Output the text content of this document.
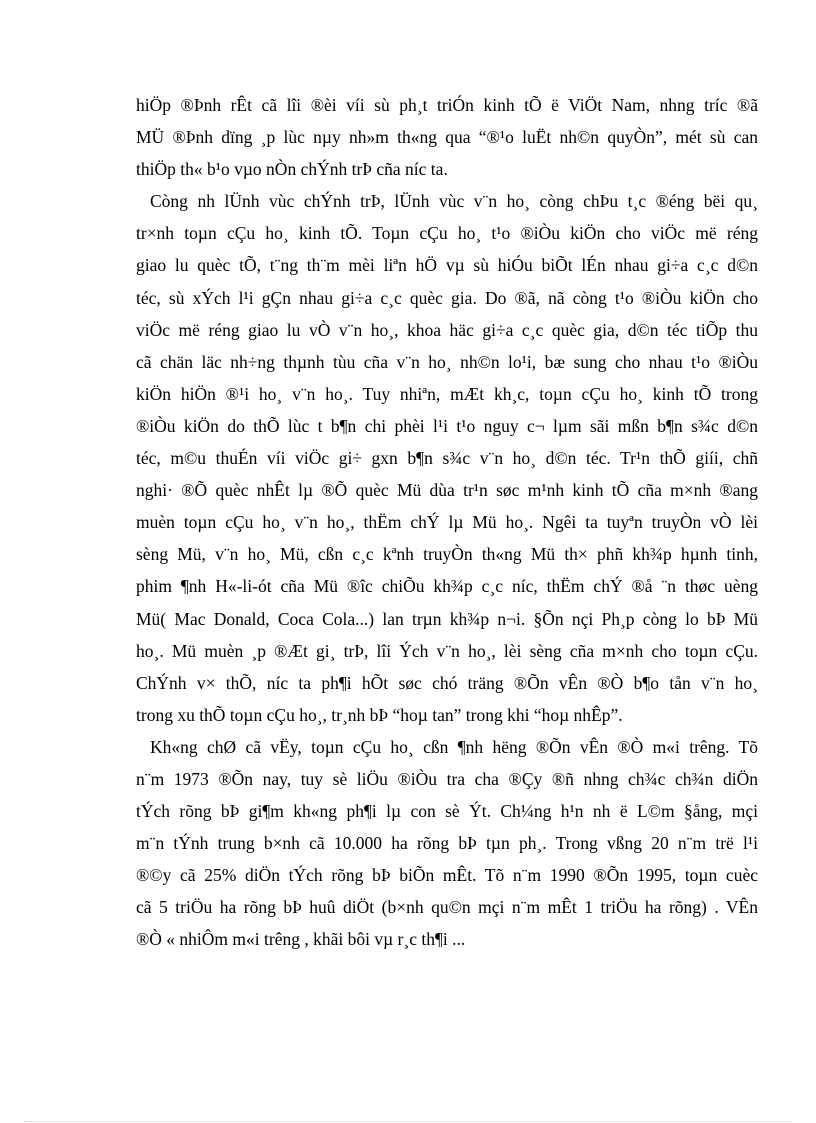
hiÖp ®Þnh rÊt cã lîi ®èi víi sù ph¸t triÓn kinh tÕ ë ViÖt Nam, nhng tríc ®ã
MÜ ®Þnh dïng ¸p lùc nµy nh»m th«ng qua “®¹o luËt nh©n quyÒn”, mét sù can
thiÖp th« b¹o vµo nÒn chÝnh trÞ cña níc ta.
Còng nh lÜnh vùc chÝnh trÞ, lÜnh vùc v¨n ho¸ còng chÞu t¸c ®éng bëi qu¸
tr×nh toµn cÇu ho¸ kinh tÕ. Toµn cÇu ho¸ t¹o ®iÒu kiÖn cho viÖc më réng
giao lu quèc tÕ, t¨ng th¨m mèi liªn hÖ vµ sù hiÓu biÕt lÉn nhau gi÷a c¸c d©n
téc, sù xÝch l¹i gÇn nhau gi÷a c¸c quèc gia. Do ®ã, nã còng t¹o ®iÒu kiÖn cho
viÖc më réng giao lu vÒ v¨n ho¸, khoa häc gi÷a c¸c quèc gia, d©n téc tiÕp thu
cã chän läc nh÷ng thµnh tùu cña v¨n ho¸ nh©n lo¹i, bæ sung cho nhau t¹o ®iÒu
kiÖn hiÖn ®¹i ho¸ v¨n ho¸. Tuy nhiªn, mÆt kh¸c, toµn cÇu ho¸ kinh tÕ trong
®iÒu kiÖn do thÕ lùc t b¶n chi phèi l¹i t¹o nguy c¬ lµm sãi mßn b¶n s¾c d©n
téc, m©u thuÉn víi viÖc gi÷ gxn b¶n s¾c v¨n ho¸ d©n téc. Tr¹n thÕ giíi, chñ
nghi· ®Õ quèc nhÊt lµ ®Õ quèc Mü dùa tr¹n søc m¹nh kinh tÕ cña m×nh ®ang
muèn toµn cÇu ho¸ v¨n ho¸, thËm chÝ lµ Mü ho¸. Ngêi ta tuyªn truyÒn vÒ lèi
sèng Mü, v¨n ho¸ Mü, cßn c¸c kªnh truyÒn th«ng Mü th× phñ kh¾p hµnh tinh,
phim ¶nh H«-li-ót cña Mü ®îc chiÕu kh¾p c¸c níc, thËm chÝ ®å ¨n thøc uèng
Mü( Mac Donald, Coca Cola...) lan trµn kh¾p n¬i. §Õn nçi Ph¸p còng lo bÞ Mü
ho¸. Mü muèn ¸p ®Æt gi¸ trÞ, lîi Ých v¨n ho¸, lèi sèng cña m×nh cho toµn cÇu.
ChÝnh v× thÕ, níc ta ph¶i hÕt søc chó träng ®Õn vÊn ®Ò b¶o tån v¨n ho¸
trong xu thÕ toµn cÇu ho¸, tr¸nh bÞ “hoµ tan” trong khi “hoµ nhÊp”.
Kh«ng chØ cã vËy, toµn cÇu ho¸ cßn ¶nh hëng ®Õn vÊn ®Ò m«i trêng. Tõ
n¨m 1973 ®Õn nay, tuy sè liÖu ®iÒu tra cha ®Çy ®ñ nhng ch¾c ch¾n diÖn
tÝch rõng bÞ gi¶m kh«ng ph¶i lµ con sè Ýt. Ch¼ng h¹n nh ë L©m §ång, mçi
m¨n tÝnh trung b×nh cã 10.000 ha rõng bÞ tµn ph¸. Trong vßng 20 n¨m trë l¹i
®©y cã 25% diÖn tÝch rõng bÞ biÕn mÊt. Tõ n¨m 1990 ®Õn 1995, toµn cuèc
cã 5 triÖu ha rõng bÞ huû diÖt (b×nh qu©n mçi n¨m mÊt 1 triÖu ha rõng) . VÊn
®Ò « nhiÔm m«i trêng , khãi bôi vµ r¸c th¶i ...
